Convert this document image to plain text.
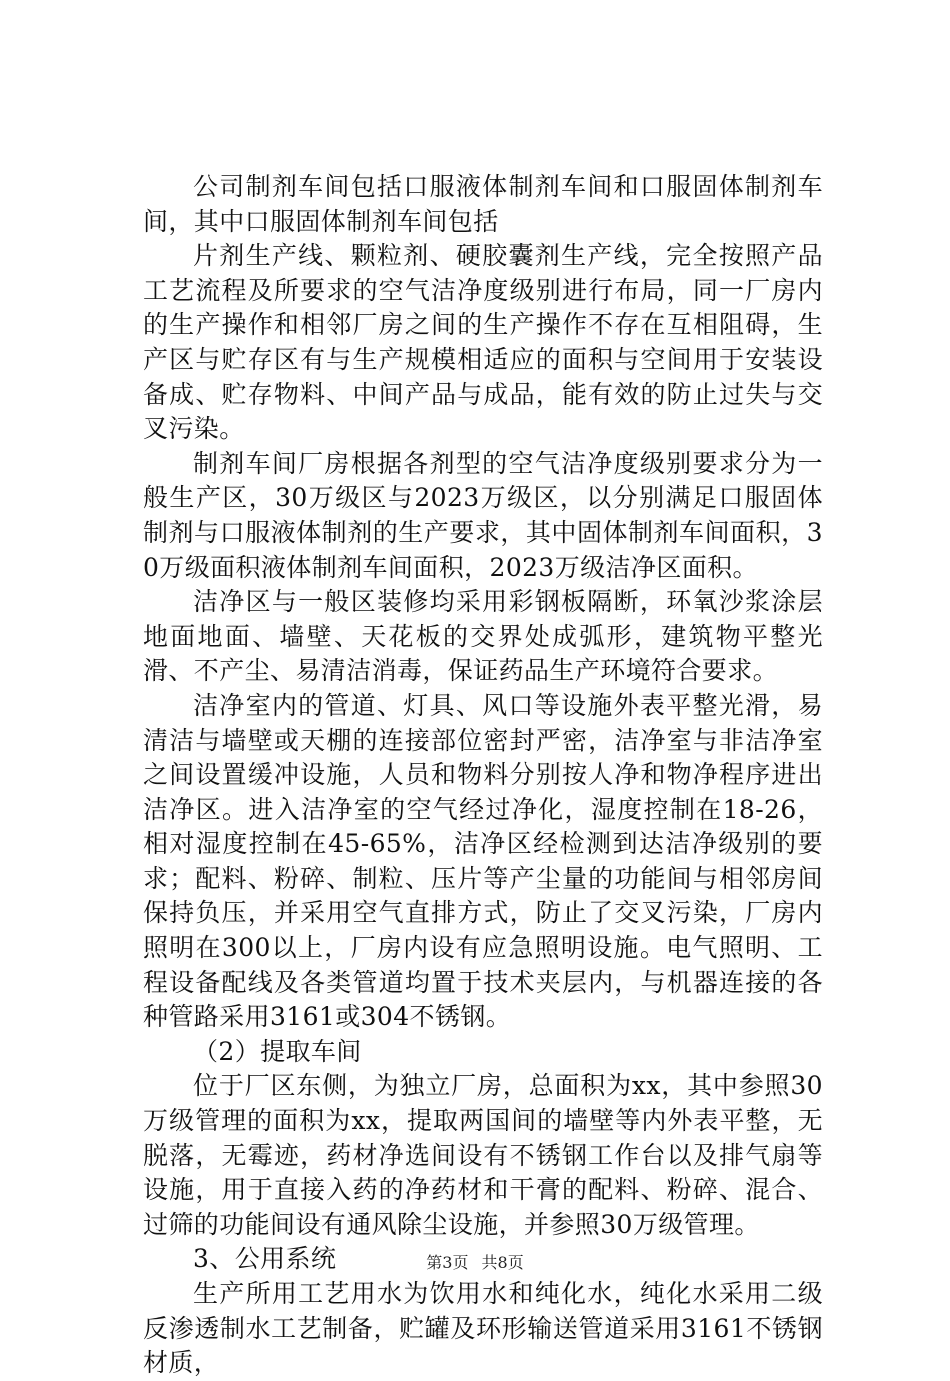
公司制剂车间包括口服液体制剂车间和口服固体制剂车间，其中口服固体制剂车间包括

片剂生产线、颗粒剂、硬胶囊剂生产线，完全按照产品工艺流程及所要求的空气洁净度级别进行布局，同一厂房内的生产操作和相邻厂房之间的生产操作不存在互相阻碍，生产区与贮存区有与生产规模相适应的面积与空间用于安装设备成、贮存物料、中间产品与成品，能有效的防止过失与交叉污染。

制剂车间厂房根据各剂型的空气洁净度级别要求分为一般生产区，30万级区与2023万级区，以分别满足口服固体制剂与口服液体制剂的生产要求，其中固体制剂车间面积，30万级面积液体制剂车间面积，2023万级洁净区面积。

洁净区与一般区装修均采用彩钢板隔断，环氧沙浆涂层地面地面、墙壁、天花板的交界处成弧形，建筑物平整光滑、不产尘、易清洁消毒，保证药品生产环境符合要求。

洁净室内的管道、灯具、风口等设施外表平整光滑，易清洁与墙壁或天棚的连接部位密封严密，洁净室与非洁净室之间设置缓冲设施，人员和物料分别按人净和物净程序进出洁净区。进入洁净室的空气经过净化，湿度控制在18-26，相对湿度控制在45-65%，洁净区经检测到达洁净级别的要求；配料、粉碎、制粒、压片等产尘量的功能间与相邻房间保持负压，并采用空气直排方式，防止了交叉污染，厂房内照明在300以上，厂房内设有应急照明设施。电气照明、工程设备配线及各类管道均置于技术夹层内，与机器连接的各种管路采用3161或304不锈钢。

（2）提取车间

位于厂区东侧，为独立厂房，总面积为xx，其中参照30万级管理的面积为xx，提取两国间的墙壁等内外表平整，无脱落，无霉迹，药材净选间设有不锈钢工作台以及排气扇等设施，用于直接入药的净药材和干膏的配料、粉碎、混合、过筛的功能间设有通风除尘设施，并参照30万级管理。

3、公用系统

生产所用工艺用水为饮用水和纯化水，纯化水采用二级反渗透制水工艺制备，贮罐及环形输送管道采用3161不锈钢材质，

第3页 共8页
